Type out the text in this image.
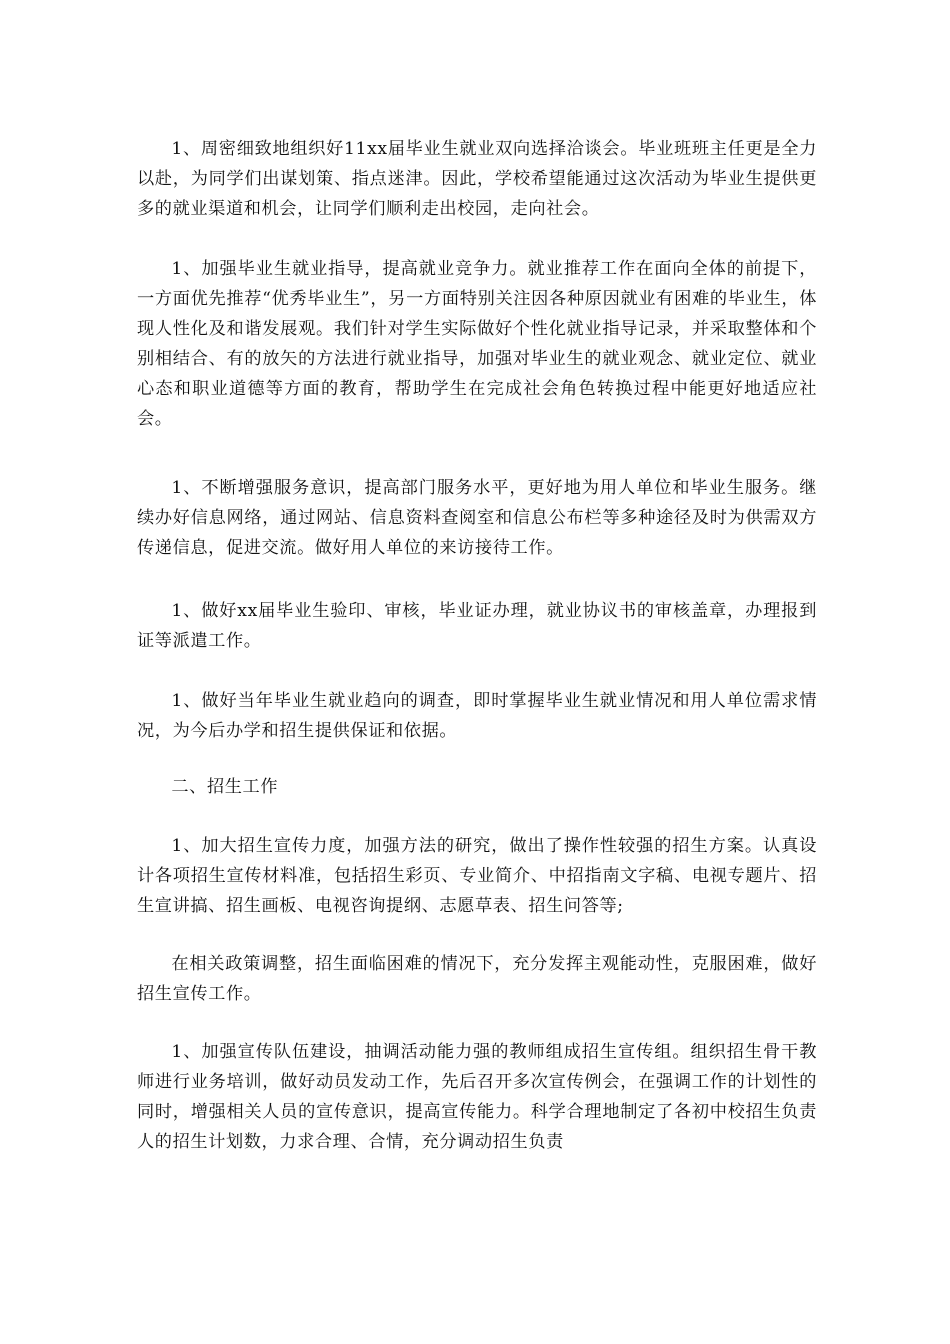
1、周密细致地组织好11xx届毕业生就业双向选择洽谈会。毕业班班主任更是全力以赴，为同学们出谋划策、指点迷津。因此，学校希望能通过这次活动为毕业生提供更多的就业渠道和机会，让同学们顺利走出校园，走向社会。

1、加强毕业生就业指导，提高就业竞争力。就业推荐工作在面向全体的前提下，一方面优先推荐“优秀毕业生”，另一方面特别关注因各种原因就业有困难的毕业生，体现人性化及和谐发展观。我们针对学生实际做好个性化就业指导记录，并采取整体和个别相结合、有的放矢的方法进行就业指导，加强对毕业生的就业观念、就业定位、就业心态和职业道德等方面的教育，帮助学生在完成社会角色转换过程中能更好地适应社会。

1、不断增强服务意识，提高部门服务水平，更好地为用人单位和毕业生服务。继续办好信息网络，通过网站、信息资料查阅室和信息公布栏等多种途径及时为供需双方传递信息，促进交流。做好用人单位的来访接待工作。

1、做好xx届毕业生验印、审核，毕业证办理，就业协议书的审核盖章，办理报到证等派遣工作。

1、做好当年毕业生就业趋向的调查，即时掌握毕业生就业情况和用人单位需求情况，为今后办学和招生提供保证和依据。

二、招生工作

1、加大招生宣传力度，加强方法的研究，做出了操作性较强的招生方案。认真设计各项招生宣传材料准，包括招生彩页、专业简介、中招指南文字稿、电视专题片、招生宣讲搞、招生画板、电视咨询提纲、志愿草表、招生问答等;

在相关政策调整，招生面临困难的情况下，充分发挥主观能动性，克服困难，做好招生宣传工作。

1、加强宣传队伍建设，抽调活动能力强的教师组成招生宣传组。组织招生骨干教师进行业务培训，做好动员发动工作，先后召开多次宣传例会，在强调工作的计划性的同时，增强相关人员的宣传意识，提高宣传能力。科学合理地制定了各初中校招生负责人的招生计划数，力求合理、合情，充分调动招生负责
